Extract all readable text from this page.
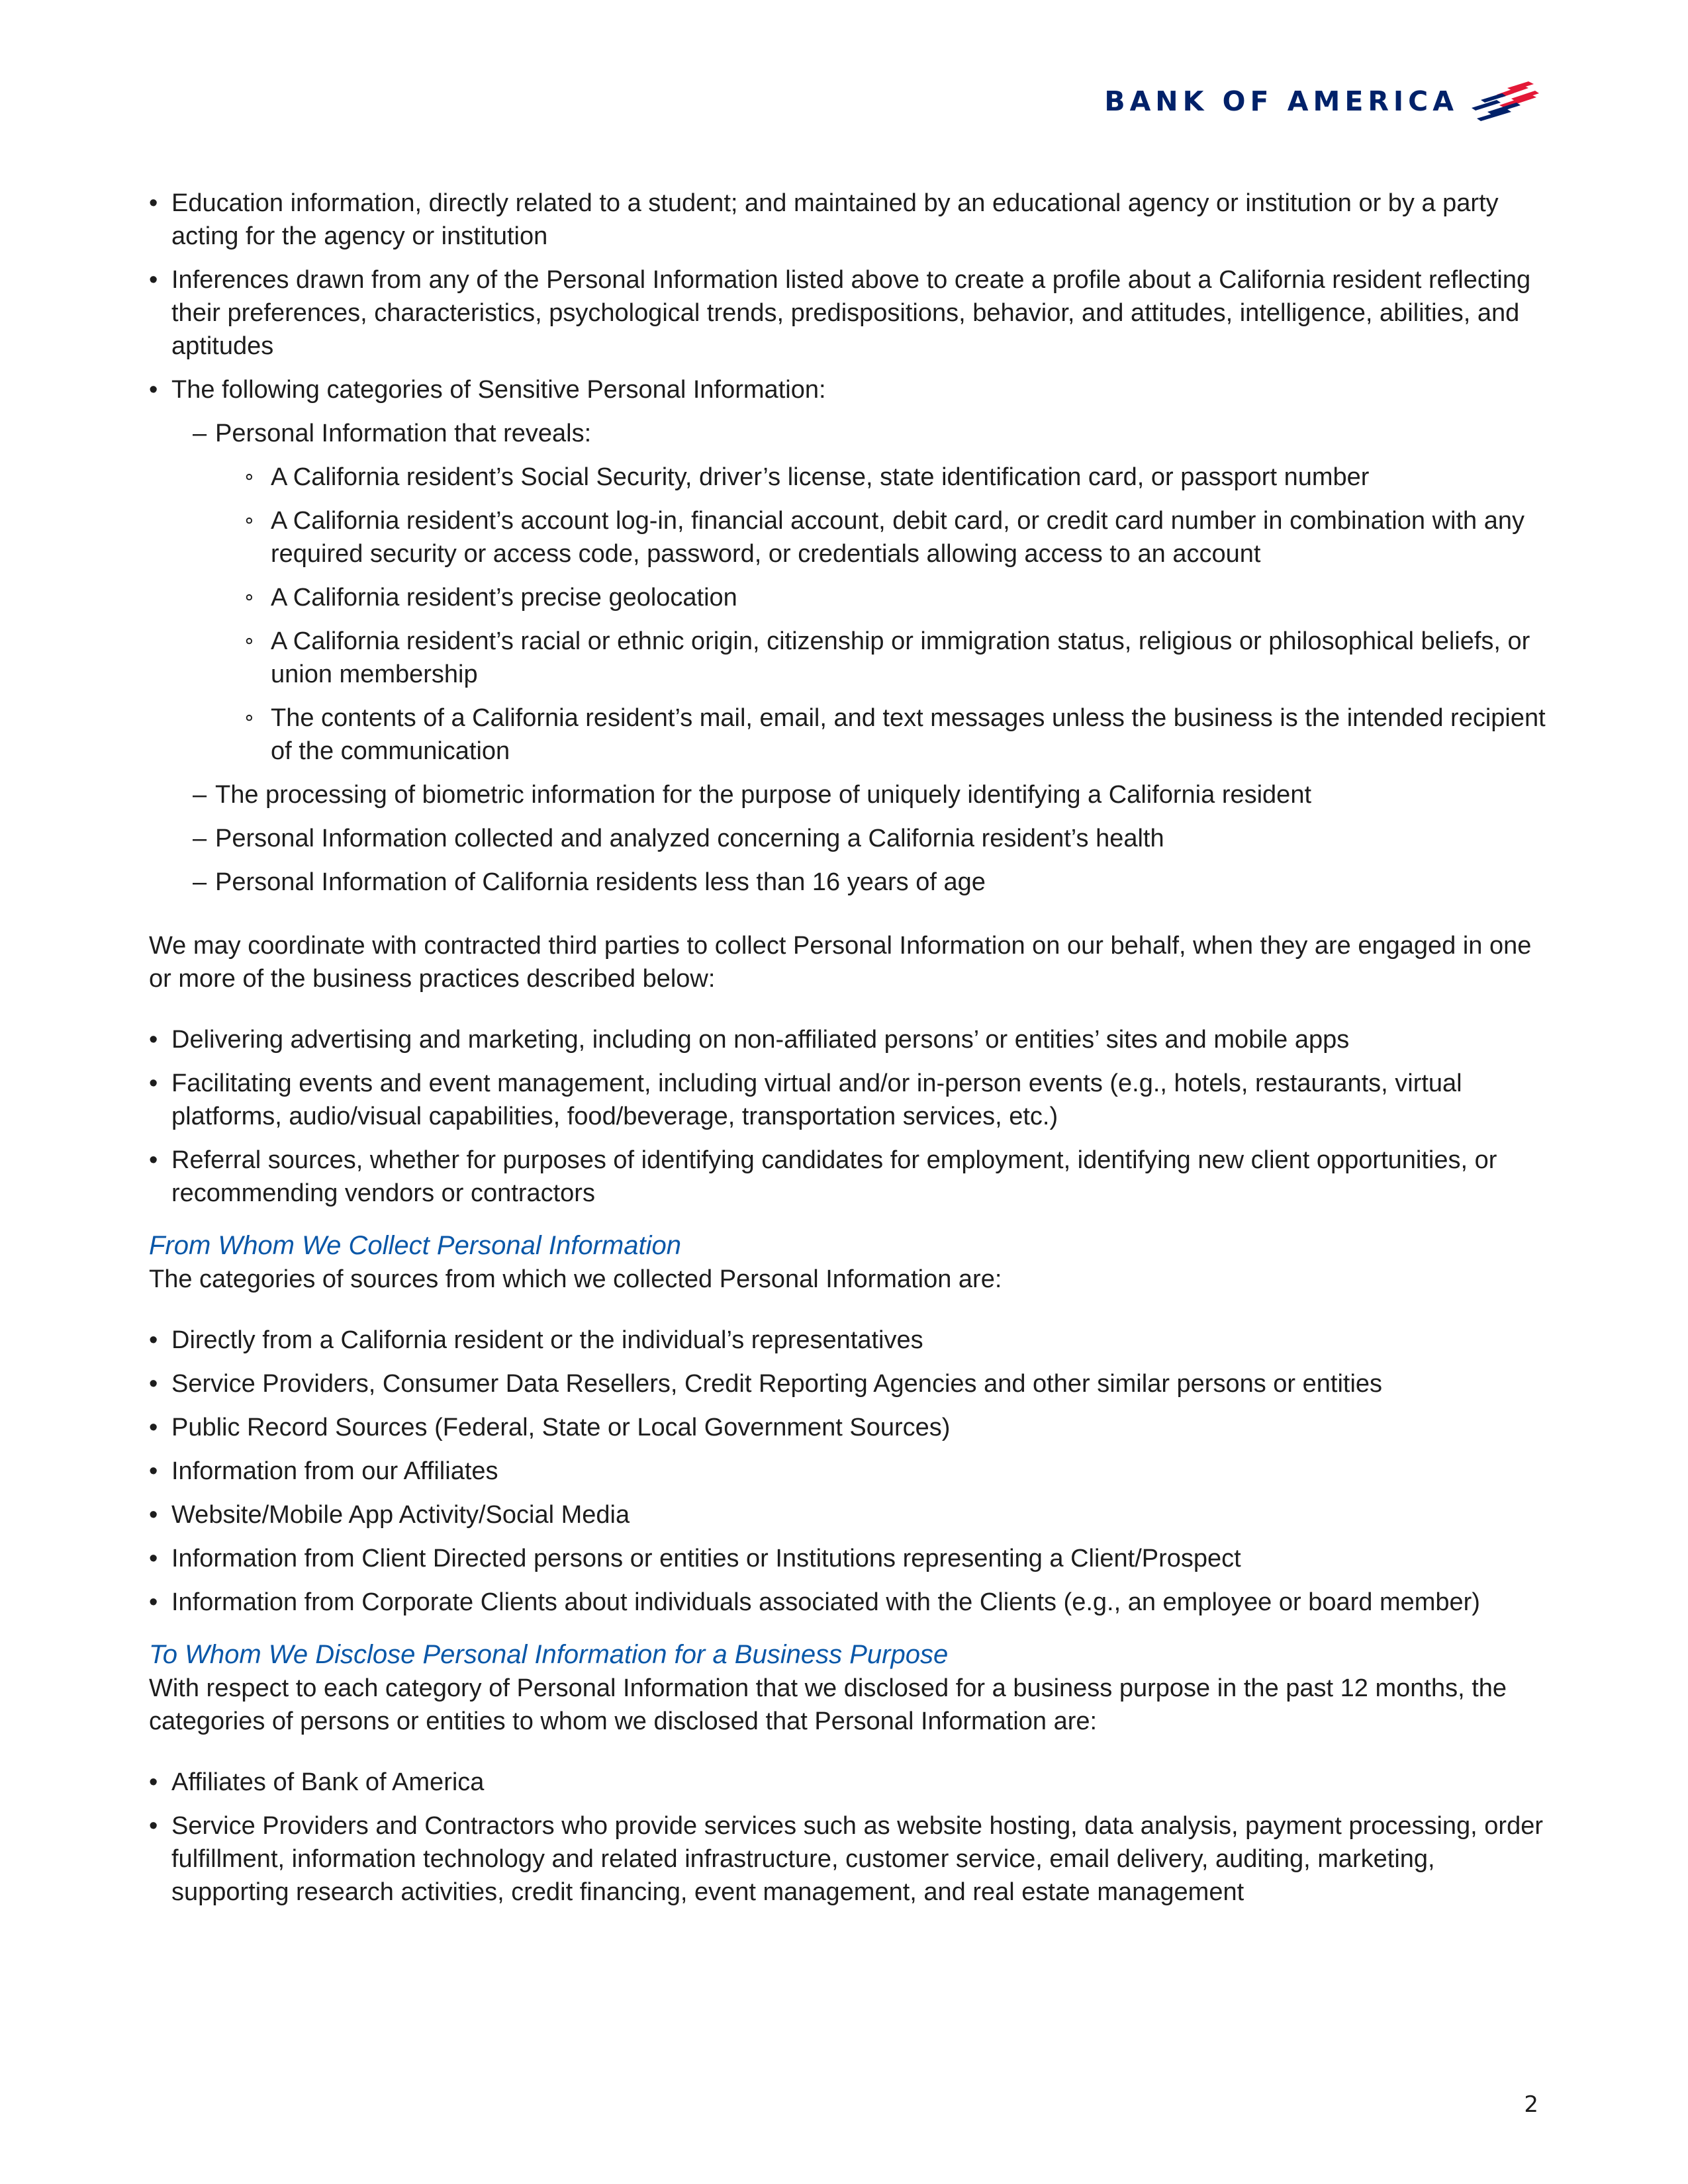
BANK OF AMERICA
• Education information, directly related to a student; and maintained by an educational agency or institution or by a party acting for the agency or institution
• Inferences drawn from any of the Personal Information listed above to create a profile about a California resident reflecting their preferences, characteristics, psychological trends, predispositions, behavior, and attitudes, intelligence, abilities, and aptitudes
• The following categories of Sensitive Personal Information:
– Personal Information that reveals:
∘ A California resident’s Social Security, driver’s license, state identification card, or passport number
∘ A California resident’s account log-in, financial account, debit card, or credit card number in combination with any required security or access code, password, or credentials allowing access to an account
∘ A California resident’s precise geolocation
∘ A California resident’s racial or ethnic origin, citizenship or immigration status, religious or philosophical beliefs, or union membership
∘ The contents of a California resident’s mail, email, and text messages unless the business is the intended recipient of the communication
– The processing of biometric information for the purpose of uniquely identifying a California resident
– Personal Information collected and analyzed concerning a California resident’s health
– Personal Information of California residents less than 16 years of age

We may coordinate with contracted third parties to collect Personal Information on our behalf, when they are engaged in one or more of the business practices described below:

• Delivering advertising and marketing, including on non-affiliated persons’ or entities’ sites and mobile apps
• Facilitating events and event management, including virtual and/or in-person events (e.g., hotels, restaurants, virtual platforms, audio/visual capabilities, food/beverage, transportation services, etc.)
• Referral sources, whether for purposes of identifying candidates for employment, identifying new client opportunities, or recommending vendors or contractors
From Whom We Collect Personal Information
The categories of sources from which we collected Personal Information are:
• Directly from a California resident or the individual’s representatives
• Service Providers, Consumer Data Resellers, Credit Reporting Agencies and other similar persons or entities
• Public Record Sources (Federal, State or Local Government Sources)
• Information from our Affiliates
• Website/Mobile App Activity/Social Media
• Information from Client Directed persons or entities or Institutions representing a Client/Prospect
• Information from Corporate Clients about individuals associated with the Clients (e.g., an employee or board member)
To Whom We Disclose Personal Information for a Business Purpose
With respect to each category of Personal Information that we disclosed for a business purpose in the past 12 months, the categories of persons or entities to whom we disclosed that Personal Information are:
• Affiliates of Bank of America
• Service Providers and Contractors who provide services such as website hosting, data analysis, payment processing, order fulfillment, information technology and related infrastructure, customer service, email delivery, auditing, marketing, supporting research activities, credit financing, event management, and real estate management
2
